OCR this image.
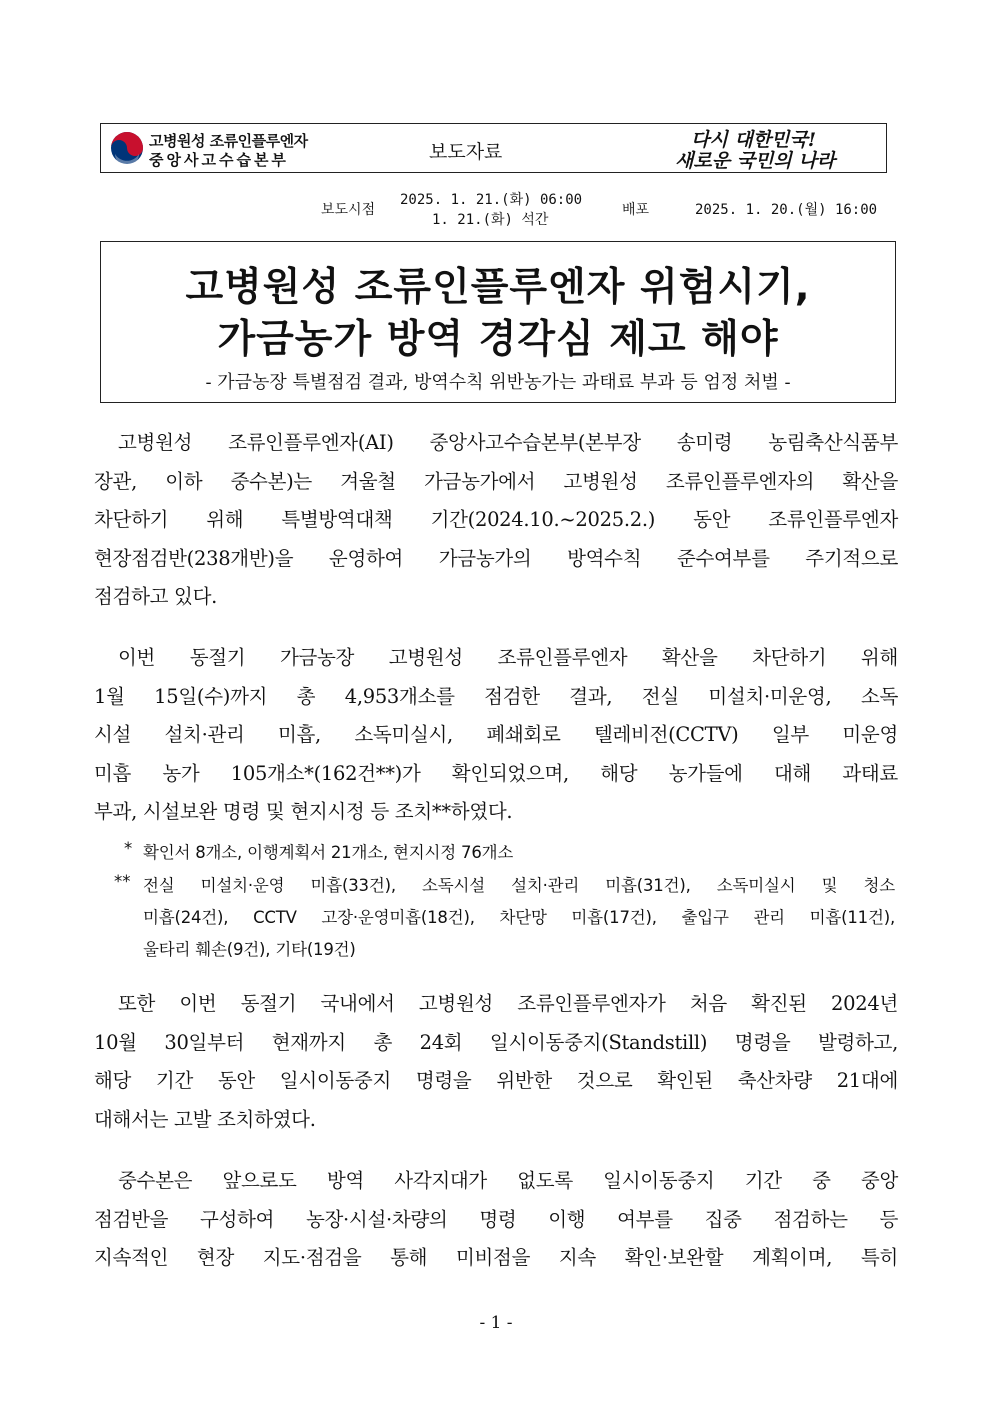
고병원성 조류인플루엔자
중앙사고수습본부	보도자료
다시 대한민국!
새로운 국민의 나라
보도시점
2025. 1. 21.(화) 06:00
1. 21.(화) 석간
배포	2025. 1. 20.(월) 16:00
고병원성 조류인플루엔자 위험시기,
가금농가 방역 경각심 제고 해야
- 가금농장 특별점검 결과, 방역수칙 위반농가는 과태료 부과 등 엄정 처벌 -
고병원성 조류인플루엔자(AI) 중앙사고수습본부(본부장 송미령 농림축산식품부
장관, 이하 중수본)는 겨울철 가금농가에서 고병원성 조류인플루엔자의 확산을
차단하기 위해 특별방역대책 기간(2024.10.~2025.2.) 동안 조류인플루엔자
현장점검반(238개반)을 운영하여 가금농가의 방역수칙 준수여부를 주기적으로
점검하고 있다.
이번 동절기 가금농장 고병원성 조류인플루엔자 확산을 차단하기 위해
1월 15일(수)까지 총 4,953개소를 점검한 결과, 전실 미설치·미운영, 소독
시설 설치·관리 미흡, 소독미실시, 폐쇄회로 텔레비전(CCTV) 일부 미운영
미흡 농가 105개소*(162건**)가 확인되었으며, 해당 농가들에 대해 과태료
부과, 시설보완 명령 및 현지시정 등 조치**하였다.
* 확인서 8개소, 이행계획서 21개소, 현지시정 76개소
** 전실 미설치·운영 미흡(33건), 소독시설 설치·관리 미흡(31건), 소독미실시 및 청소
미흡(24건), CCTV 고장·운영미흡(18건), 차단망 미흡(17건), 출입구 관리 미흡(11건),
울타리 훼손(9건), 기타(19건)
또한 이번 동절기 국내에서 고병원성 조류인플루엔자가 처음 확진된 2024년
10월 30일부터 현재까지 총 24회 일시이동중지(Standstill) 명령을 발령하고,
해당 기간 동안 일시이동중지 명령을 위반한 것으로 확인된 축산차량 21대에
대해서는 고발 조치하였다.
중수본은 앞으로도 방역 사각지대가 없도록 일시이동중지 기간 중 중앙
점검반을 구성하여 농장·시설·차량의 명령 이행 여부를 집중 점검하는 등
지속적인 현장 지도·점검을 통해 미비점을 지속 확인·보완할 계획이며, 특히
- 1 -
